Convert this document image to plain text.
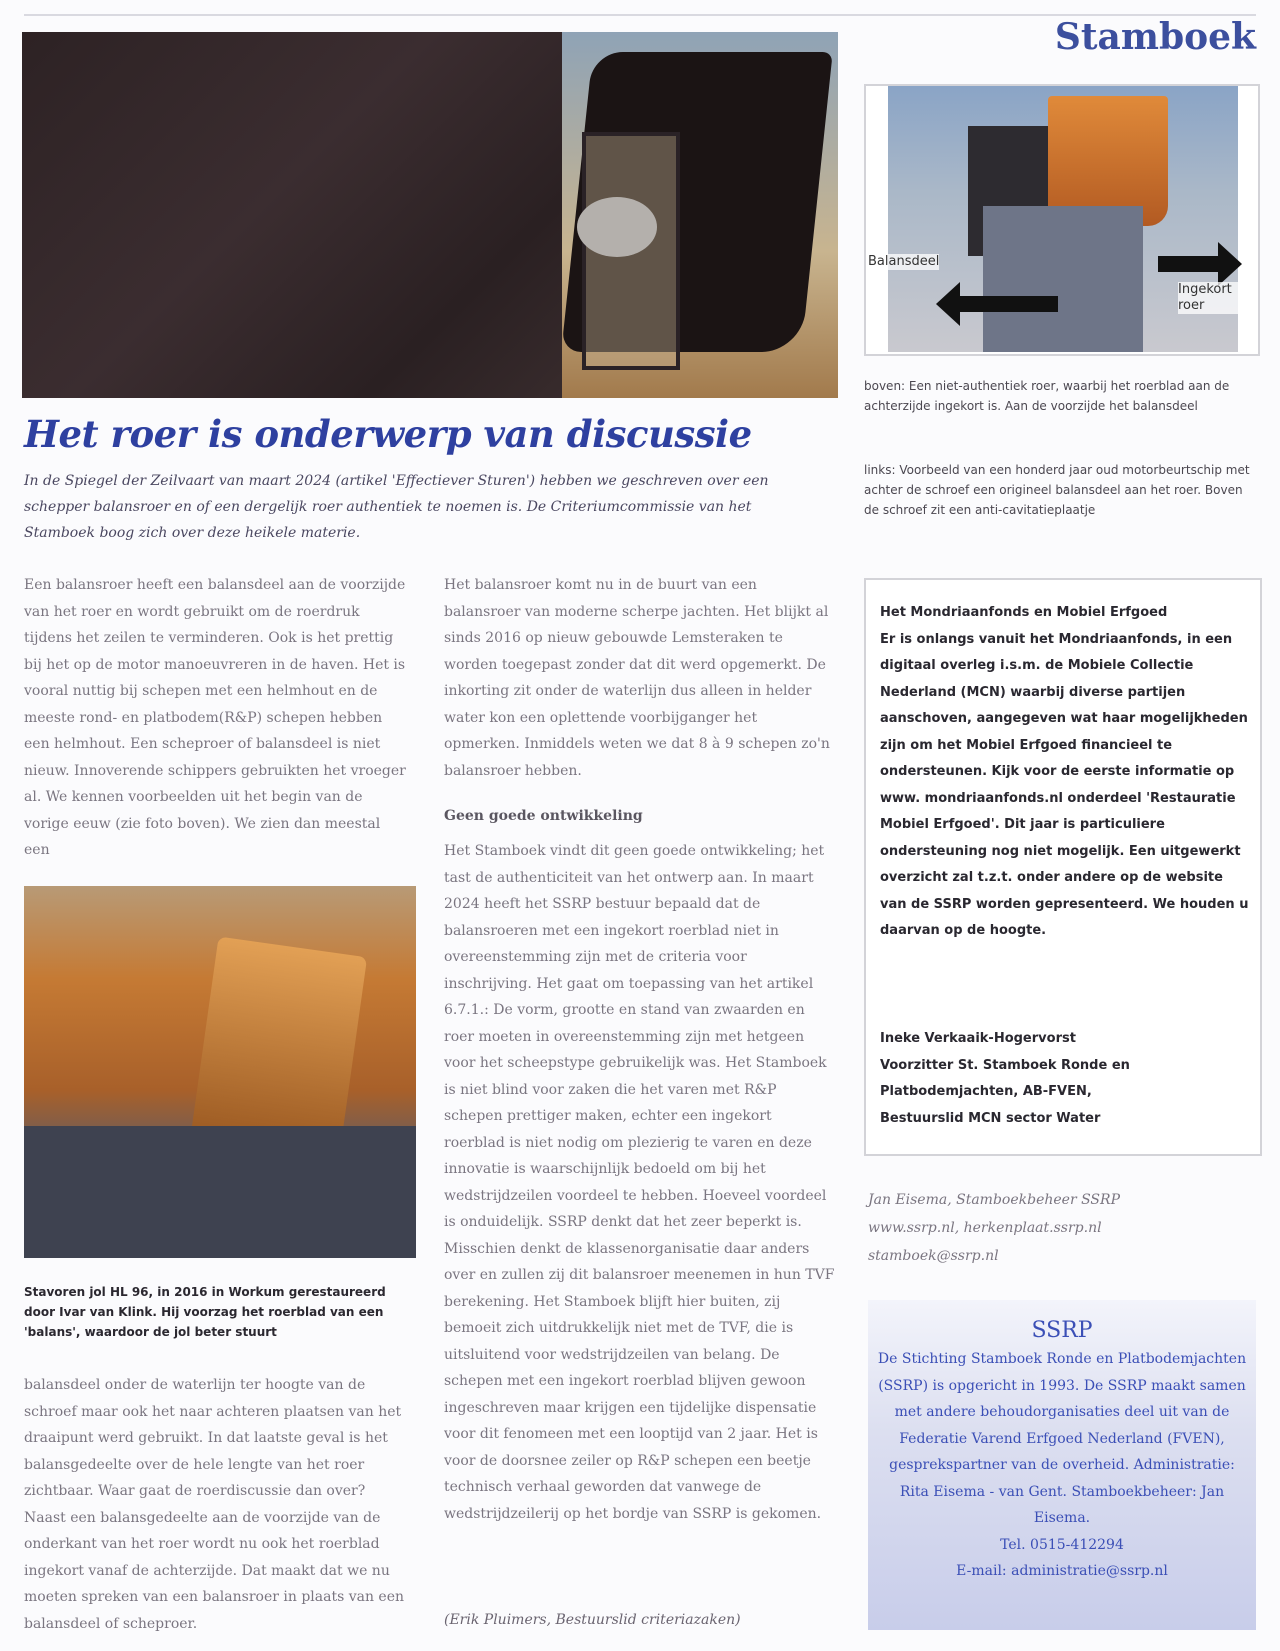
Stamboek
Balansdeel
Ingekort roer
boven: Een niet-authentiek roer, waarbij het roerblad aan de achterzijde ingekort is. Aan de voorzijde het balansdeel
links: Voorbeeld van een honderd jaar oud motorbeurtschip met achter de schroef een origineel balansdeel aan het roer. Boven de schroef zit een anti-cavitatieplaatje
Het roer is onderwerp van discussie
In de Spiegel der Zeilvaart van maart 2024 (artikel 'Effectiever Sturen') hebben we geschreven over een schepper balansroer en of een dergelijk roer authentiek te noemen is. De Criteriumcommissie van het Stamboek boog zich over deze heikele materie.
Een balansroer heeft een balansdeel aan de voorzijde van het roer en wordt gebruikt om de roerdruk tijdens het zeilen te verminderen. Ook is het prettig bij het op de motor manoeuvreren in de haven. Het is vooral nuttig bij schepen met een helmhout en de meeste rond- en platbodem(R&P) schepen hebben een helmhout. Een scheproer of balansdeel is niet nieuw. Innoverende schippers gebruikten het vroeger al. We kennen voorbeelden uit het begin van de vorige eeuw (zie foto boven). We zien dan meestal een
Stavoren jol HL 96, in 2016 in Workum gerestaureerd door Ivar van Klink. Hij voorzag het roerblad van een 'balans', waardoor de jol beter stuurt
balansdeel onder de waterlijn ter hoogte van de schroef maar ook het naar achteren plaatsen van het draaipunt werd gebruikt. In dat laatste geval is het balansgedeelte over de hele lengte van het roer zichtbaar. Waar gaat de roerdiscussie dan over? Naast een balansgedeelte aan de voorzijde van de onderkant van het roer wordt nu ook het roerblad ingekort vanaf de achterzijde. Dat maakt dat we nu moeten spreken van een balansroer in plaats van een balansdeel of scheproer.
Het balansroer komt nu in de buurt van een balansroer van moderne scherpe jachten. Het blijkt al sinds 2016 op nieuw gebouwde Lemsteraken te worden toegepast zonder dat dit werd opgemerkt. De inkorting zit onder de waterlijn dus alleen in helder water kon een oplettende voorbijganger het opmerken. Inmiddels weten we dat 8 à 9 schepen zo'n balansroer hebben.
Geen goede ontwikkeling
Het Stamboek vindt dit geen goede ontwikkeling; het tast de authenticiteit van het ontwerp aan. In maart 2024 heeft het SSRP bestuur bepaald dat de balansroeren met een ingekort roerblad niet in overeenstemming zijn met de criteria voor inschrijving. Het gaat om toepassing van het artikel 6.7.1.: De vorm, grootte en stand van zwaarden en roer moeten in overeenstemming zijn met hetgeen voor het scheepstype gebruikelijk was. Het Stamboek is niet blind voor zaken die het varen met R&P schepen prettiger maken, echter een ingekort roerblad is niet nodig om plezierig te varen en deze innovatie is waarschijnlijk bedoeld om bij het wedstrijdzeilen voordeel te hebben. Hoeveel voordeel is onduidelijk. SSRP denkt dat het zeer beperkt is. Misschien denkt de klassenorganisatie daar anders over en zullen zij dit balansroer meenemen in hun TVF berekening. Het Stamboek blijft hier buiten, zij bemoeit zich uitdrukkelijk niet met de TVF, die is uitsluitend voor wedstrijdzeilen van belang. De schepen met een ingekort roerblad blijven gewoon ingeschreven maar krijgen een tijdelijke dispensatie voor dit fenomeen met een looptijd van 2 jaar. Het is voor de doorsnee zeiler op R&P schepen een beetje technisch verhaal geworden dat vanwege de wedstrijdzeilerij op het bordje van SSRP is gekomen.
(Erik Pluimers, Bestuurslid criteriazaken)
Het Mondriaanfonds en Mobiel Erfgoed
Er is onlangs vanuit het Mondriaanfonds, in een digitaal overleg i.s.m. de Mobiele Collectie Nederland (MCN) waarbij diverse partijen aanschoven, aangegeven wat haar mogelijkheden zijn om het Mobiel Erfgoed financieel te ondersteunen. Kijk voor de eerste informatie op www. mondriaanfonds.nl onderdeel 'Restauratie Mobiel Erfgoed'. Dit jaar is particuliere ondersteuning nog niet mogelijk. Een uitgewerkt overzicht zal t.z.t. onder andere op de website van de SSRP worden gepresenteerd. We houden u daarvan op de hoogte.
Ineke Verkaaik-Hogervorst
Voorzitter St. Stamboek Ronde en Platbodemjachten, AB-FVEN,
Bestuurslid MCN sector Water
Jan Eisema, Stamboekbeheer SSRP
www.ssrp.nl, herkenplaat.ssrp.nl
stamboek@ssrp.nl
SSRP
De Stichting Stamboek Ronde en Platbodemjachten (SSRP) is opgericht in 1993. De SSRP maakt samen met andere behoudorganisaties deel uit van de Federatie Varend Erfgoed Nederland (FVEN), gesprekspartner van de overheid. Administratie: Rita Eisema - van Gent. Stamboekbeheer: Jan Eisema.
Tel. 0515-412294
E-mail: administratie@ssrp.nl
